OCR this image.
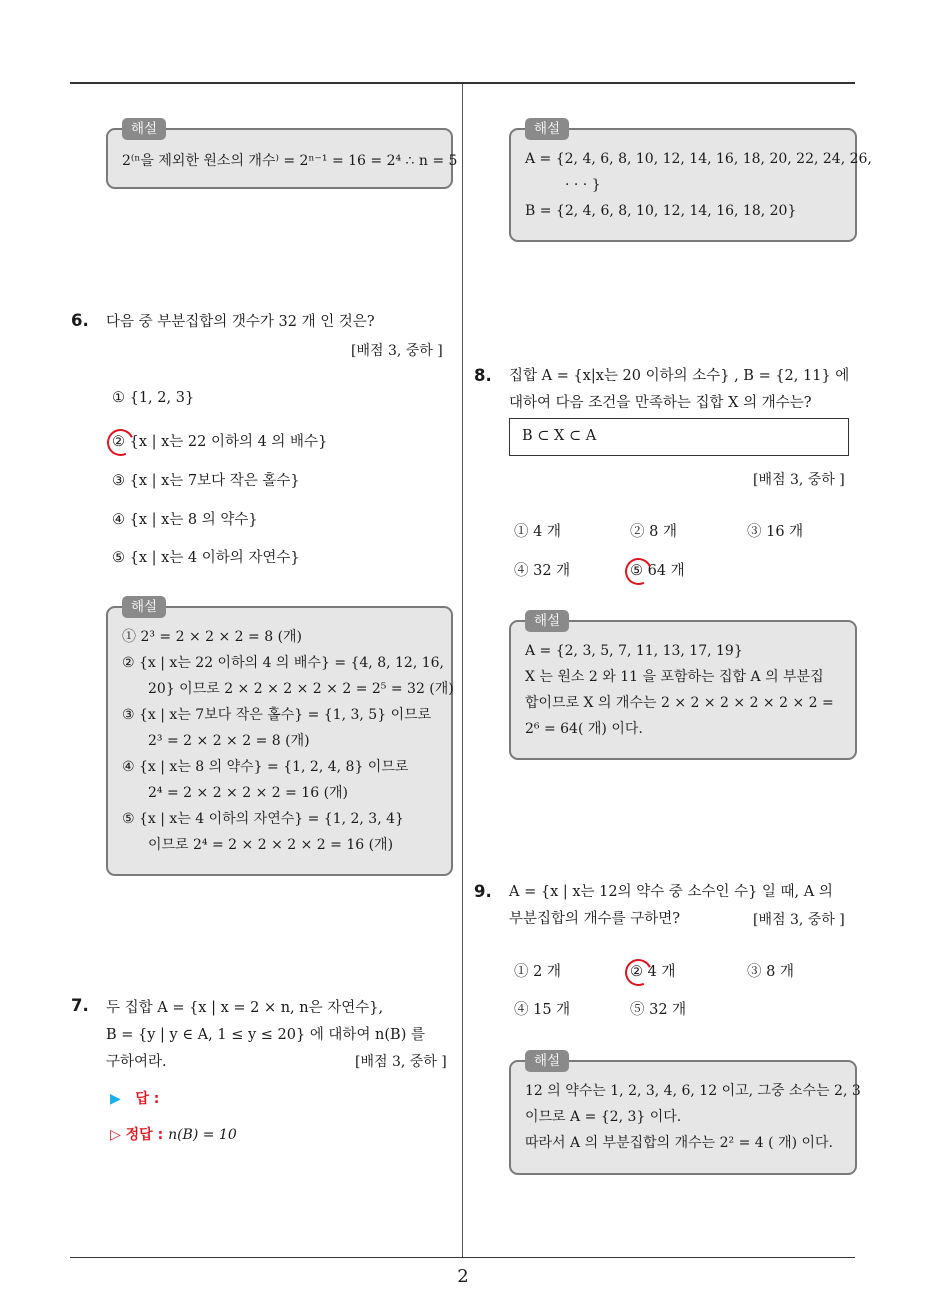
해설
2⁽ⁿ을 제외한 원소의 개수⁾ = 2ⁿ⁻¹ = 16 = 2⁴ ∴ n = 5
6. 다음 중 부분집합의 갯수가 32 개 인 것은?
[배점 3, 중하 ]
① {1, 2, 3}
② {x | x는 22 이하의 4 의 배수}
③ {x | x는 7보다 작은 홀수}
④ {x | x는 8 의 약수}
⑤ {x | x는 4 이하의 자연수}
해설
① 2³ = 2 × 2 × 2 = 8 (개)
② {x | x는 22 이하의 4 의 배수} = {4, 8, 12, 16,
20} 이므로 2 × 2 × 2 × 2 × 2 = 2⁵ = 32 (개)
③ {x | x는 7보다 작은 홀수} = {1, 3, 5} 이므로
2³ = 2 × 2 × 2 = 8 (개)
④ {x | x는 8 의 약수} = {1, 2, 4, 8} 이므로
2⁴ = 2 × 2 × 2 × 2 = 16 (개)
⑤ {x | x는 4 이하의 자연수} = {1, 2, 3, 4}
이므로 2⁴ = 2 × 2 × 2 × 2 = 16 (개)
7. 두 집합 A = {x | x = 2 × n, n은 자연수},
B = {y | y ∈ A, 1 ≤ y ≤ 20} 에 대하여 n(B) 를
구하여라.	[배점 3, 중하 ]
▶ 답 :
▷ 정답 : n(B) = 10
해설
A = {2, 4, 6, 8, 10, 12, 14, 16, 18, 20, 22, 24, 26,
· · · }
B = {2, 4, 6, 8, 10, 12, 14, 16, 18, 20}
8. 집합 A = {x|x는 20 이하의 소수} , B = {2, 11} 에
대하여 다음 조건을 만족하는 집합 X 의 개수는?
B ⊂ X ⊂ A
[배점 3, 중하 ]
① 4 개	② 8 개	③ 16 개
④ 32 개	⑤ 64 개
해설
A = {2, 3, 5, 7, 11, 13, 17, 19}
X 는 원소 2 와 11 을 포함하는 집합 A 의 부분집
합이므로 X 의 개수는 2 × 2 × 2 × 2 × 2 × 2 =
2⁶ = 64( 개) 이다.
9. A = {x | x는 12의 약수 중 소수인 수} 일 때, A 의
부분집합의 개수를 구하면?	[배점 3, 중하 ]
① 2 개	② 4 개	③ 8 개
④ 15 개	⑤ 32 개
해설
12 의 약수는 1, 2, 3, 4, 6, 12 이고, 그중 소수는 2, 3
이므로 A = {2, 3} 이다.
따라서 A 의 부분집합의 개수는 2² = 4 ( 개) 이다.
2
